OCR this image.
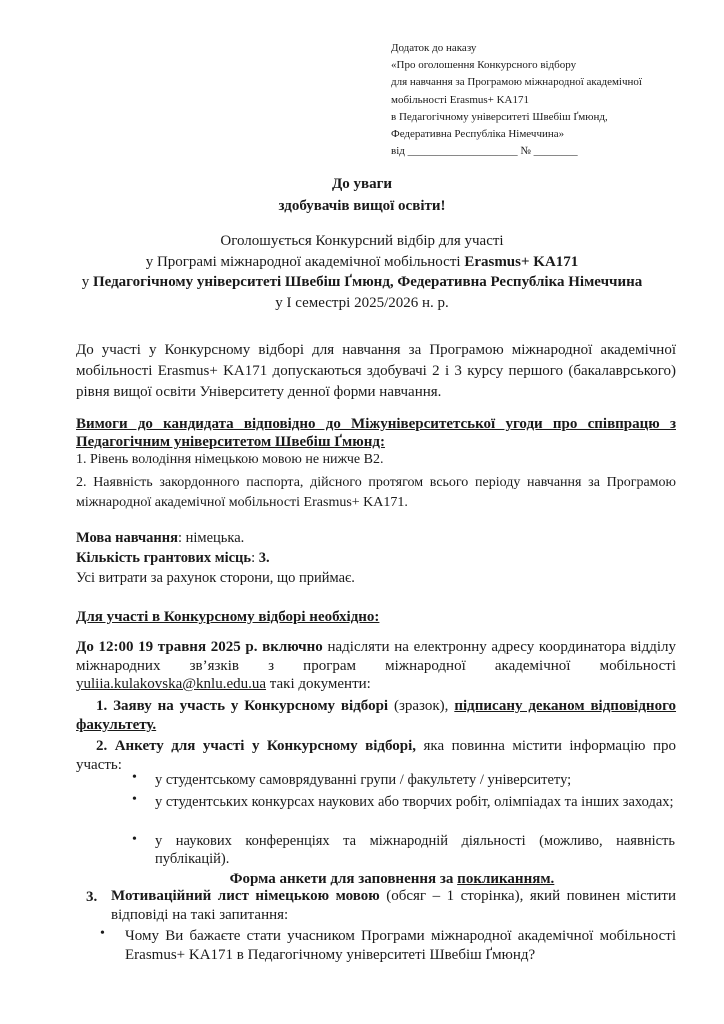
Додаток до наказу
«Про оголошення Конкурсного відбору
для навчання за Програмою міжнародної академічної
мобільності Erasmus+ KA171
в Педагогічному університеті Швебіш Ґмюнд,
Федеративна Республіка Німеччина»
від ____________________ № ________
До уваги
здобувачів вищої освіти!
Оголошується Конкурсний відбір для участі
у Програмі міжнародної академічної мобільності Erasmus+ KA171
у Педагогічному університеті Швебіш Ґмюнд, Федеративна Республіка Німеччина
у І семестрі 2025/2026 н. р.
До участі у Конкурсному відборі для навчання за Програмою міжнародної академічної мобільності Erasmus+ KA171 допускаються здобувачі 2 і 3 курсу першого (бакалаврського) рівня вищої освіти Університету денної форми навчання.
Вимоги до кандидата відповідно до Міжуніверситетської угоди про співпрацю з Педагогічним університетом Швебіш Ґмюнд:
1. Рівень володіння німецькою мовою не нижче В2.
2. Наявність закордонного паспорта, дійсного протягом всього періоду навчання за Програмою міжнародної академічної мобільності Erasmus+ KA171.
Мова навчання: німецька.
Кількість грантових місць: 3.
Усі витрати за рахунок сторони, що приймає.
Для участі в Конкурсному відборі необхідно:
До 12:00 19 травня 2025 р. включно надісляти на електронну адресу координатора відділу міжнародних зв’язків з програм міжнародної академічної мобільності yuliia.kulakovska@knlu.edu.ua такі документи:
1. Заяву на участь у Конкурсному відборі (зразок), підписану деканом відповідного факультету.
2. Анкету для участі у Конкурсному відборі, яка повинна містити інформацію про участь:
• у студентському самоврядуванні групи / факультету / університету;
• у студентських конкурсах наукових або творчих робіт, олімпіадах та інших заходах;
• у наукових конференціях та міжнародній діяльності (можливо, наявність публікацій).
Форма анкети для заповнення за покликанням.
3. Мотиваційний лист німецькою мовою (обсяг – 1 сторінка), який повинен містити відповіді на такі запитання:
• Чому Ви бажаєте стати учасником Програми міжнародної академічної мобільності Erasmus+ KA171 в Педагогічному університеті Швебіш Ґмюнд?
